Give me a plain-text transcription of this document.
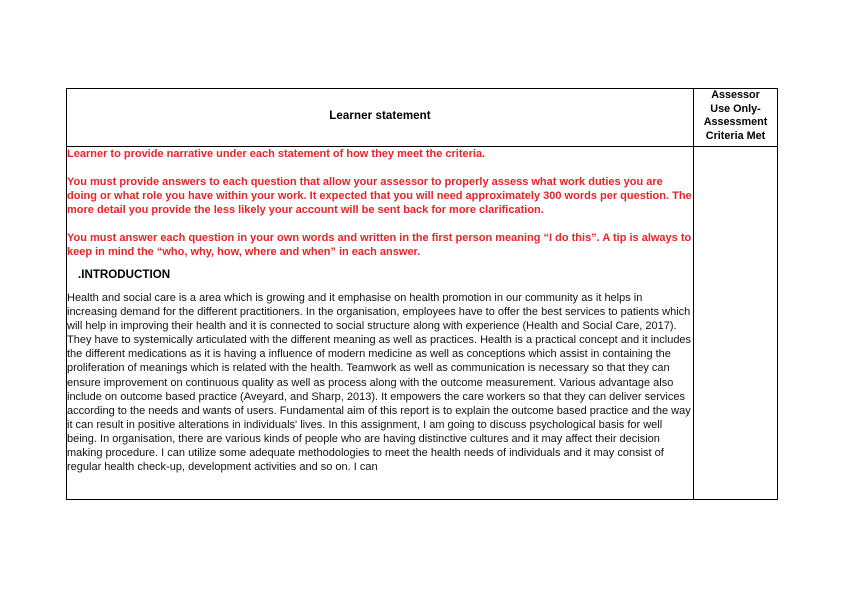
Learner statement	Assessor
Use Only-
Assessment
Criteria Met

Learner to provide narrative under each statement of how they meet the criteria.

You must provide answers to each question that allow your assessor to properly assess what work duties you are doing or what role you have within your work. It expected that you will need approximately 300 words per question. The more detail you provide the less likely your account will be sent back for more clarification.

You must answer each question in your own words and written in the first person meaning “I do this”. A tip is always to keep in mind the “who, why, how, where and when” in each answer.

.INTRODUCTION

Health and social care is a area which is growing and it emphasise on health promotion in our community as it helps in increasing demand for the different practitioners. In the organisation, employees have to offer the best services to patients which will help in improving their health and it is connected to social structure along with experience (Health and Social Care, 2017). They have to systemically articulated with the different meaning as well as practices. Health is a practical concept and it includes the different medications as it is having a influence of modern medicine as well as conceptions which assist in containing the proliferation of meanings which is related with the health. Teamwork as well as communication is necessary so that they can ensure improvement on continuous quality as well as process along with the outcome measurement. Various advantage also include on outcome based practice (Aveyard, and Sharp, 2013). It empowers the care workers so that they can deliver services according to the needs and wants of users. Fundamental aim of this report is to explain the outcome based practice and the way it can result in positive alterations in individuals' lives. In this assignment, I am going to discuss psychological basis for well being. In organisation, there are various kinds of people who are having distinctive cultures and it may affect their decision making procedure. I can utilize some adequate methodologies to meet the health needs of individuals and it may consist of regular health check-up, development activities and so on. I can
